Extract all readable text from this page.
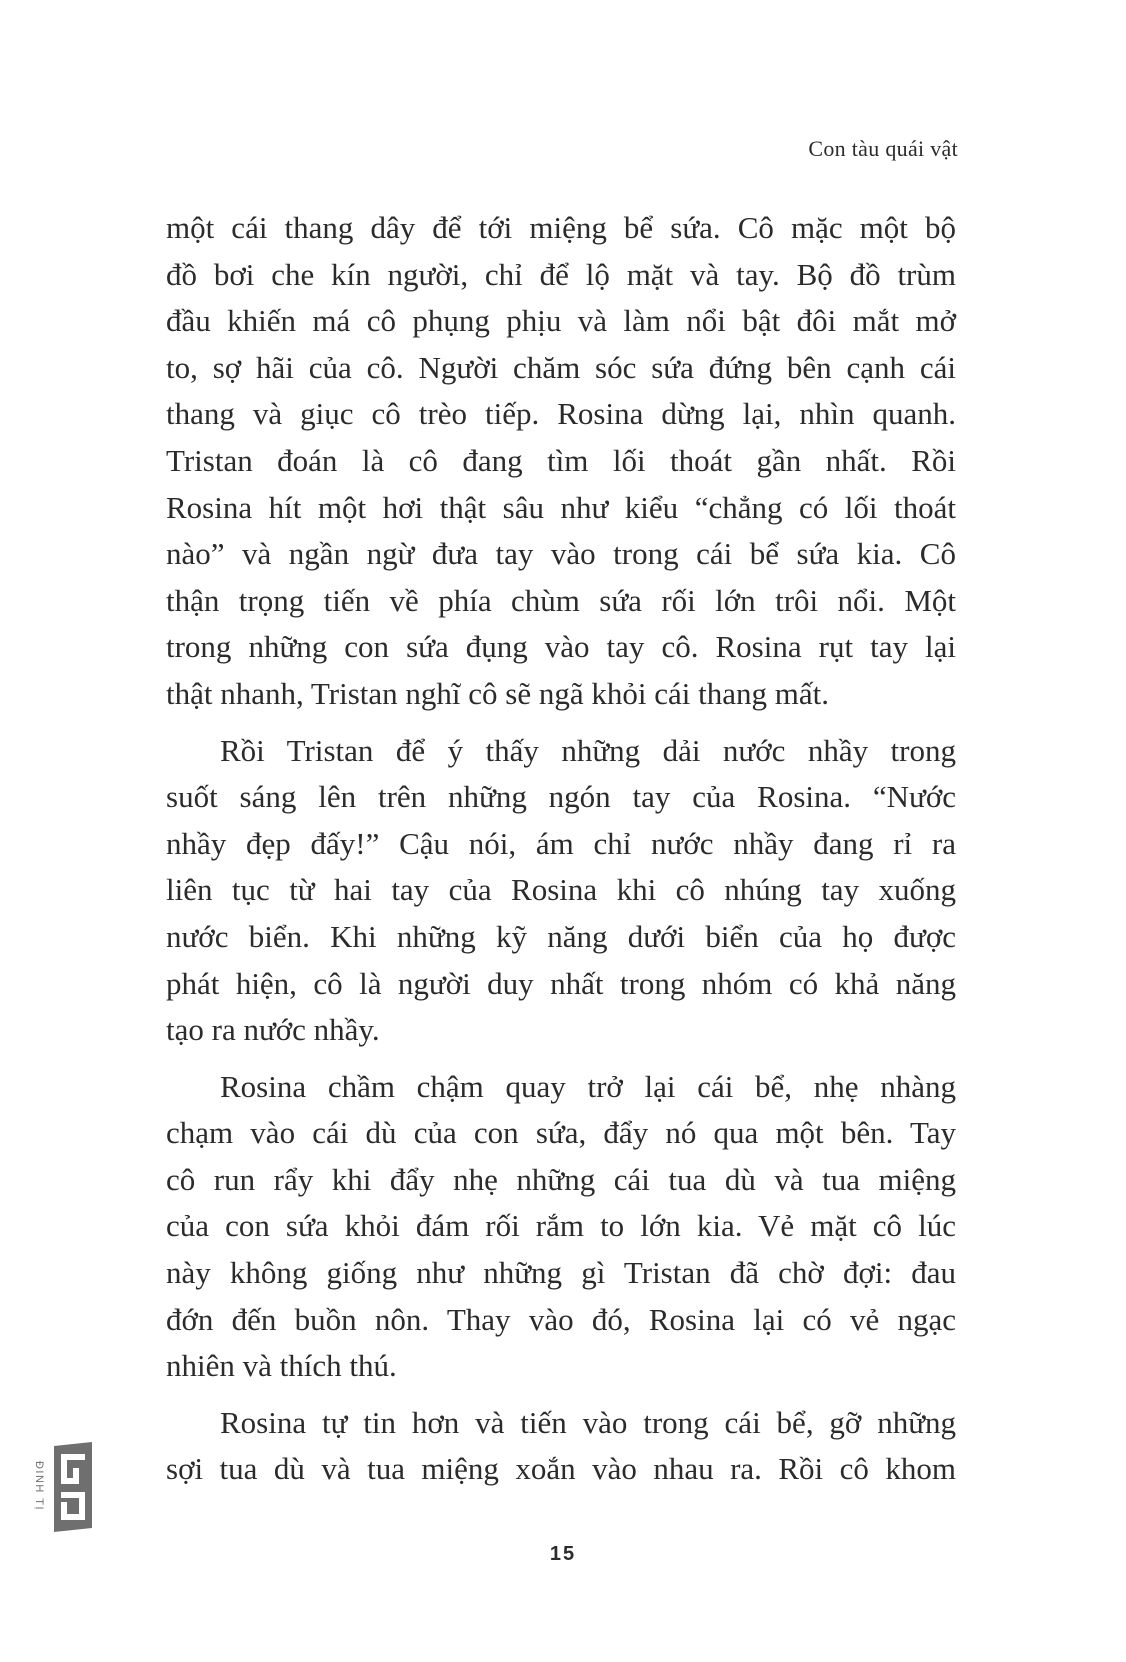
Con tàu quái vật
một cái thang dây để tới miệng bể sứa. Cô mặc một bộ
đồ bơi che kín người, chỉ để lộ mặt và tay. Bộ đồ trùm
đầu khiến má cô phụng phịu và làm nổi bật đôi mắt mở
to, sợ hãi của cô. Người chăm sóc sứa đứng bên cạnh cái
thang và giục cô trèo tiếp. Rosina dừng lại, nhìn quanh.
Tristan đoán là cô đang tìm lối thoát gần nhất. Rồi
Rosina hít một hơi thật sâu như kiểu “chẳng có lối thoát
nào” và ngần ngừ đưa tay vào trong cái bể sứa kia. Cô
thận trọng tiến về phía chùm sứa rối lớn trôi nổi. Một
trong những con sứa đụng vào tay cô. Rosina rụt tay lại
thật nhanh, Tristan nghĩ cô sẽ ngã khỏi cái thang mất.
Rồi Tristan để ý thấy những dải nước nhầy trong
suốt sáng lên trên những ngón tay của Rosina. “Nước
nhầy đẹp đấy!” Cậu nói, ám chỉ nước nhầy đang rỉ ra
liên tục từ hai tay của Rosina khi cô nhúng tay xuống
nước biển. Khi những kỹ năng dưới biển của họ được
phát hiện, cô là người duy nhất trong nhóm có khả năng
tạo ra nước nhầy.
Rosina chầm chậm quay trở lại cái bể, nhẹ nhàng
chạm vào cái dù của con sứa, đẩy nó qua một bên. Tay
cô run rẩy khi đẩy nhẹ những cái tua dù và tua miệng
của con sứa khỏi đám rối rắm to lớn kia. Vẻ mặt cô lúc
này không giống như những gì Tristan đã chờ đợi: đau
đớn đến buồn nôn. Thay vào đó, Rosina lại có vẻ ngạc
nhiên và thích thú.
Rosina tự tin hơn và tiến vào trong cái bể, gỡ những
sợi tua dù và tua miệng xoắn vào nhau ra. Rồi cô khom
15
ĐINH TỊ
